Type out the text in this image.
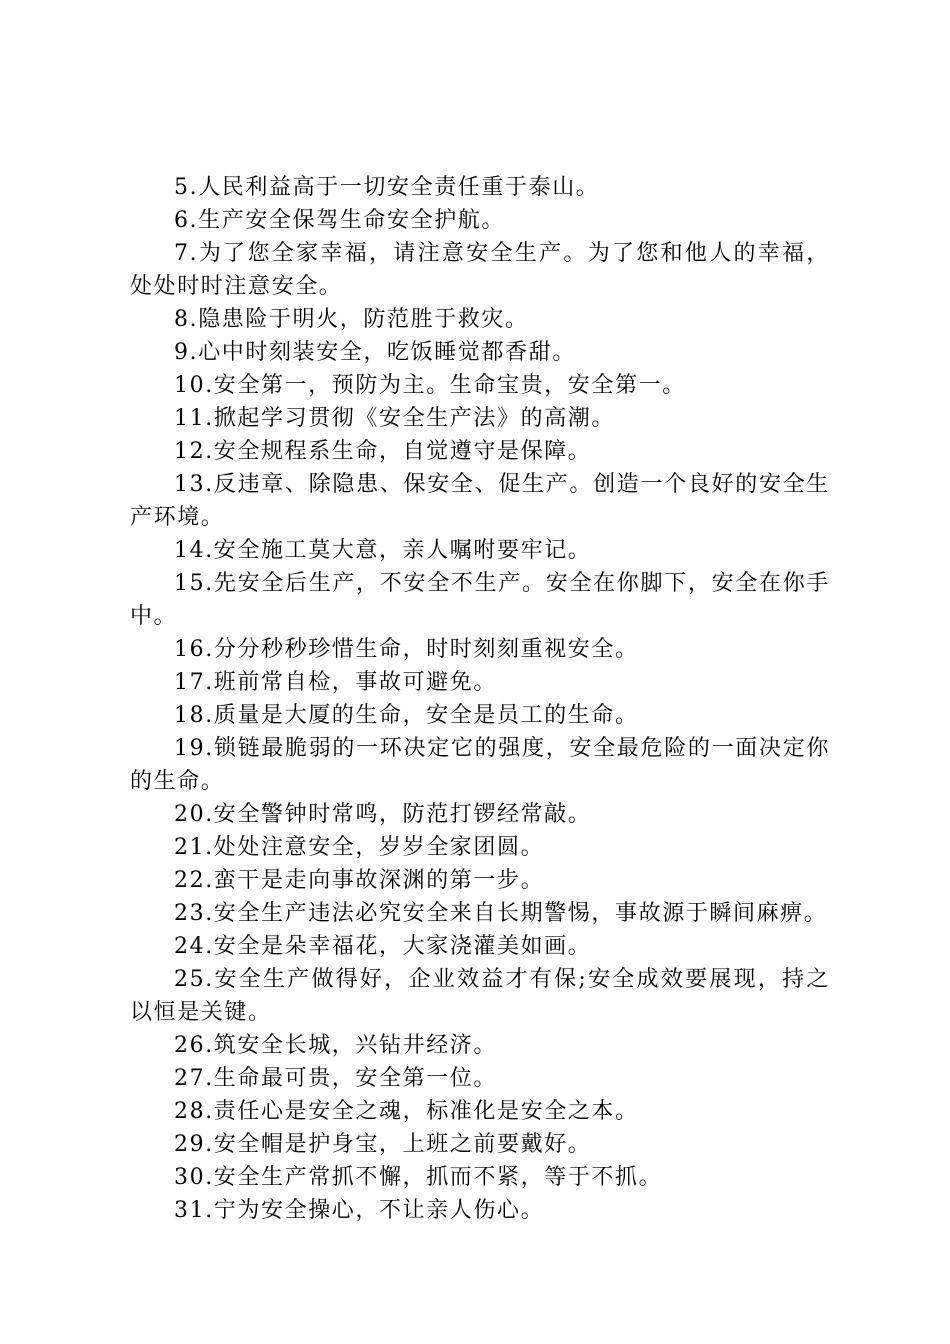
5.人民利益高于一切安全责任重于泰山。

6.生产安全保驾生命安全护航。

7.为了您全家幸福，请注意安全生产。为了您和他人的幸福，处处时时注意安全。

8.隐患险于明火，防范胜于救灾。

9.心中时刻装安全，吃饭睡觉都香甜。

10.安全第一，预防为主。生命宝贵，安全第一。

11.掀起学习贯彻《安全生产法》的高潮。

12.安全规程系生命，自觉遵守是保障。

13.反违章、除隐患、保安全、促生产。创造一个良好的安全生产环境。

14.安全施工莫大意，亲人嘱咐要牢记。

15.先安全后生产，不安全不生产。安全在你脚下，安全在你手中。

16.分分秒秒珍惜生命，时时刻刻重视安全。

17.班前常自检，事故可避免。

18.质量是大厦的生命，安全是员工的生命。

19.锁链最脆弱的一环决定它的强度，安全最危险的一面决定你的生命。

20.安全警钟时常鸣，防范打锣经常敲。

21.处处注意安全，岁岁全家团圆。

22.蛮干是走向事故深渊的第一步。

23.安全生产违法必究安全来自长期警惕，事故源于瞬间麻痹。

24.安全是朵幸福花，大家浇灌美如画。

25.安全生产做得好，企业效益才有保;安全成效要展现，持之以恒是关键。

26.筑安全长城，兴钻井经济。

27.生命最可贵，安全第一位。

28.责任心是安全之魂，标准化是安全之本。

29.安全帽是护身宝，上班之前要戴好。

30.安全生产常抓不懈，抓而不紧，等于不抓。

31.宁为安全操心，不让亲人伤心。
